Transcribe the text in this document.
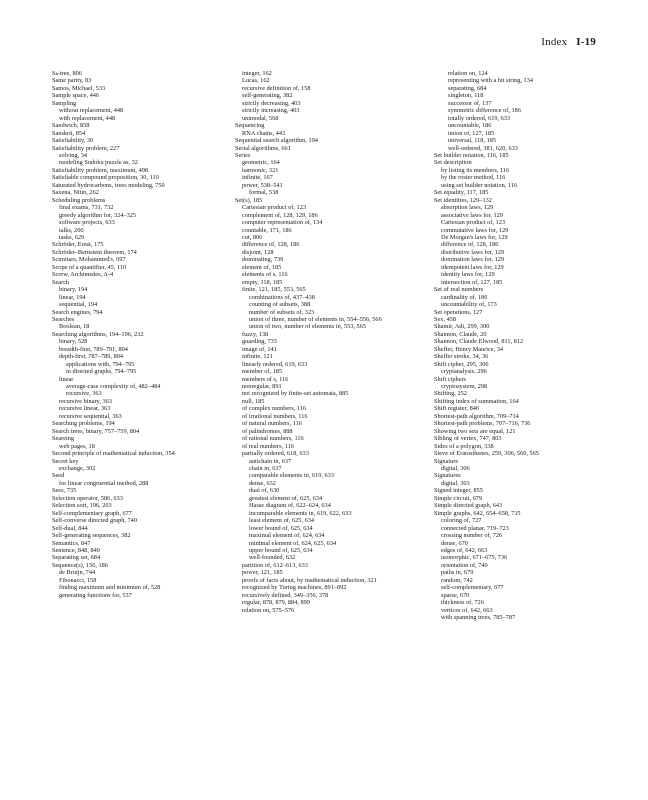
Index I-19
Sₖ-tree, 806
Same parity, 83
Samos, Michael, 533
Sample space, 446
Sampling
without replacement, 448
with replacement, 448
Sandwich, 858
Sanskrit, 854
Satisfiability, 30
Satisfiability problem, 227
solving, 34
modeling Sudoku puzzle as, 32
Satisfiability problem, maximum, 498
Satisfiable compound proposition, 30, 110
Saturated hydrocarbons, trees modeling, 750
Saxena, Nitin, 262
Scheduling problems
final exams, 731, 732
greedy algorithm for, 324–325
software projects, 633
talks, 200
tasks, 629
Schröder, Ernst, 175
Schröder–Bernstein theorem, 174
Scimitars, Mohammed's, 697
Scope of a quantifier, 45, 110
Screw, Archimedes, A-4
Search
binary, 194
linear, 194
sequential, 194
Search engines, 794
Searches
Boolean, 18
Searching algorithms, 194–196, 232
binary, 528
breadth-first, 789–791, 804
depth-first, 787–789, 804
applications with, 794–795
in directed graphs, 794–795
linear
average-case complexity of, 482–484
recursive, 363
recursive binary, 363
recursive linear, 363
recursive sequential, 363
Searching problems, 194
Search trees, binary, 757–759, 804
Seareing
web pages, 18
Second principle of mathematical induction, 354
Secret key
exchange, 302
Seed
for linear congruential method, 288
Sees, 735
Selection operator, 586, 633
Selection sort, 196, 203
Self-complementary graph, 677
Self-converse directed graph, 740
Self-dual, 844
Self-generating sequences, 382
Semantics, 847
Sentence, 848, 849
Separating set, 684
Sequence(s), 156, 186
de Bruijn, 744
Fibonacci, 158
finding maximum and minimum of, 528
generating functions for, 537
integer, 162
Lucas, 162
recursive definition of, 158
self-generating, 382
strictly decreasing, 403
strictly increasing, 403
unimodal, 568
Sequencing
RNA chains, 443
Sequential search algorithm, 194
Serial algorithms, 661
Series
geometric, 164
harmonic, 321
infinite, 167
power, 538–541
formal, 538
Set(s), 185
Cartesian product of, 123
complement of, 128, 129, 186
computer representation of, 134
countable, 171, 186
cut, 806
difference of, 128, 186
disjoint, 128
dominating, 739
element of, 185
elements of s, 116
empty, 118, 185
finite, 121, 185, 553, 565
combinations of, 437–438
counting of subsets, 388
number of subsets of, 323
union of three, number of elements in, 554–556, 566
union of two, number of elements in, 553, 565
fuzzy, 138
guarding, 735
image of, 141
infinite, 121
linearly ordered, 619, 633
member of, 185
members of s, 116
nonregular, 891
not recognized by finite-set automata, 885
null, 185
of complex numbers, 116
of irrational numbers, 116
of natural numbers, 116
of palindromes, 888
of rational numbers, 116
of real numbers, 116
partially ordered, 618, 633
antichain in, 637
chain in, 637
comparable elements in, 619, 633
dense, 632
dual of, 630
greatest element of, 625, 634
Hasse diagram of, 622–624, 634
incomparable elements in, 619, 622, 633
least element of, 625, 634
lower bound of, 625, 634
maximal element of, 624, 634
minimal element of, 624, 625, 634
upper bound of, 625, 634
well-founded, 632
partition of, 612–613, 633
power, 121, 185
proofs of facts about, by mathematical induction, 321
recognized by Turing machines, 891–892
recursively defined, 349–356, 378
regular, 878, 879, 884, 899
relation on, 575–576
relation on, 124
representing with a bit string, 134
separating, 684
singleton, 118
successor of, 137
symmetric difference of, 186
totally ordered, 619, 633
uncountable, 186
union of, 127, 185
universal, 118, 185
well-ordered, 381, 620, 633
Set builder notation, 116, 185
Set description
by listing its members, 116
by the roster method, 116
using set builder notation, 116
Set equality, 117, 185
Set identities, 129–132
absorption laws, 129
associative laws for, 129
Cartesian product of, 123
commutative laws for, 129
De Morgan's laws for, 129
difference of, 128, 186
distributive laws for, 129
domination laws for, 129
idempotent laws for, 129
identity laws for, 129
intersection of, 127, 185
Set of real numbers
cardinality of, 186
uncountability of, 173
Set operations, 127
Sex, 458
Shamir, Adi, 299, 300
Shannon, Claude, 20
Shannon, Claude Elwood, 811, 812
Sheffer, Henry Maurice, 34
Sheffer stroke, 34, 36
Shift cipher, 295, 306
cryptanalysis, 296
Shift ciphers
cryptosystem, 298
Shifting, 252
Shifting index of summation, 164
Shift register, 846
Shortest-path algorithm, 709–714
Shortest-path problems, 707–716, 736
Showing two sets are equal, 121
Sibling of vertex, 747, 803
Sides of a polygon, 338
Sieve of Eratosthenes, 259, 306, 560, 565
Signature
digital, 306
Signatures
digital, 303
Signed integer, 855
Simple circuit, 679
Simple directed graph, 643
Simple graphs, 642, 654–658, 735
coloring of, 727
connected planar, 719–723
crossing number of, 726
dense, 670
edges of, 642, 663
isomorphic, 671–675, 736
orientation of, 740
paths in, 679
random, 742
self-complementary, 677
sparse, 670
thickness of, 726
vertices of, 642, 663
with spanning trees, 785–787
